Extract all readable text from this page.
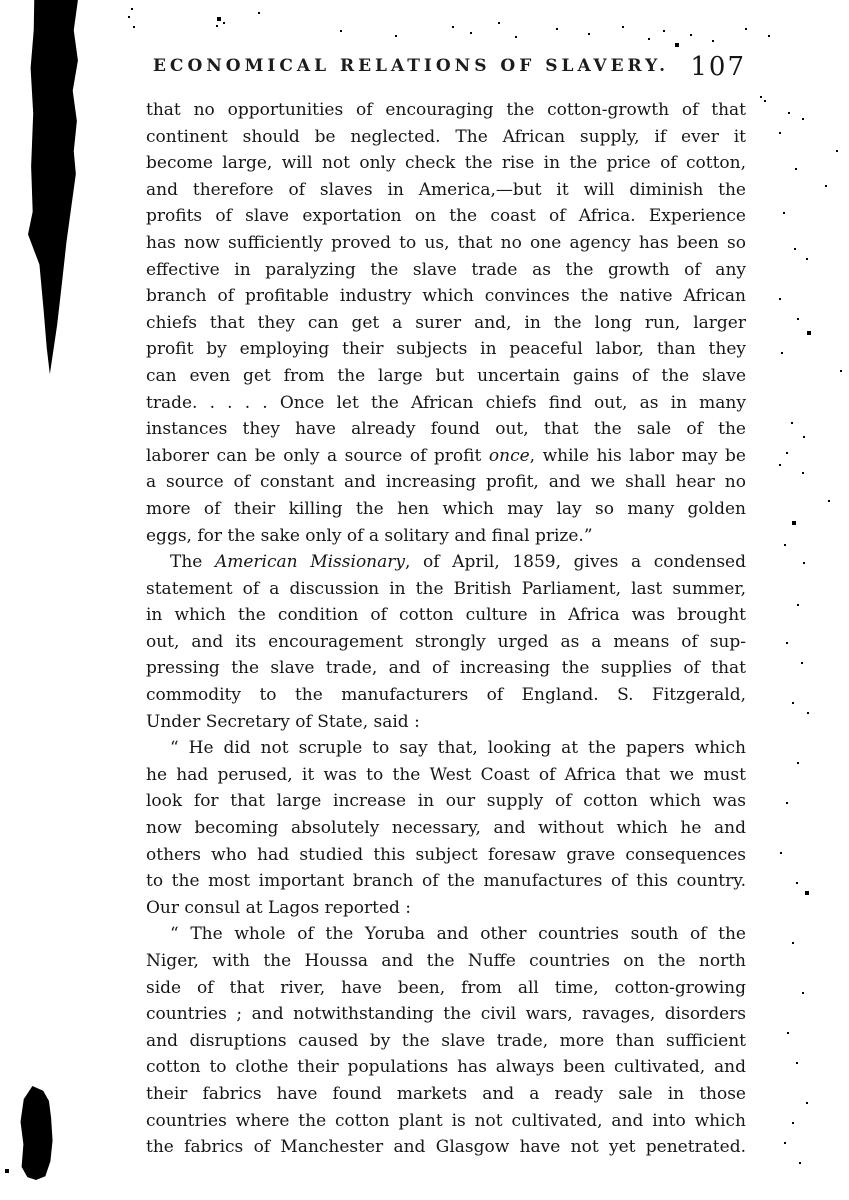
ECONOMICAL RELATIONS OF SLAVERY. 107
that no opportunities of encouraging the cotton-growth of that
continent should be neglected. The African supply, if ever it
become large, will not only check the rise in the price of cotton,
and therefore of slaves in America,—but it will diminish the
profits of slave exportation on the coast of Africa. Experience
has now sufficiently proved to us, that no one agency has been so
effective in paralyzing the slave trade as the growth of any
branch of profitable industry which convinces the native African
chiefs that they can get a surer and, in the long run, larger
profit by employing their subjects in peaceful labor, than they
can even get from the large but uncertain gains of the slave
trade. . . . . Once let the African chiefs find out, as in many
instances they have already found out, that the sale of the
laborer can be only a source of profit once, while his labor may be
a source of constant and increasing profit, and we shall hear no
more of their killing the hen which may lay so many golden
eggs, for the sake only of a solitary and final prize.”
The American Missionary, of April, 1859, gives a condensed
statement of a discussion in the British Parliament, last summer,
in which the condition of cotton culture in Africa was brought
out, and its encouragement strongly urged as a means of sup-
pressing the slave trade, and of increasing the supplies of that
commodity to the manufacturers of England. S. Fitzgerald,
Under Secretary of State, said :
“ He did not scruple to say that, looking at the papers which
he had perused, it was to the West Coast of Africa that we must
look for that large increase in our supply of cotton which was
now becoming absolutely necessary, and without which he and
others who had studied this subject foresaw grave consequences
to the most important branch of the manufactures of this country.
Our consul at Lagos reported :
“ The whole of the Yoruba and other countries south of the
Niger, with the Houssa and the Nuffe countries on the north
side of that river, have been, from all time, cotton-growing
countries ; and notwithstanding the civil wars, ravages, disorders
and disruptions caused by the slave trade, more than sufficient
cotton to clothe their populations has always been cultivated, and
their fabrics have found markets and a ready sale in those
countries where the cotton plant is not cultivated, and into which
the fabrics of Manchester and Glasgow have not yet penetrated.
